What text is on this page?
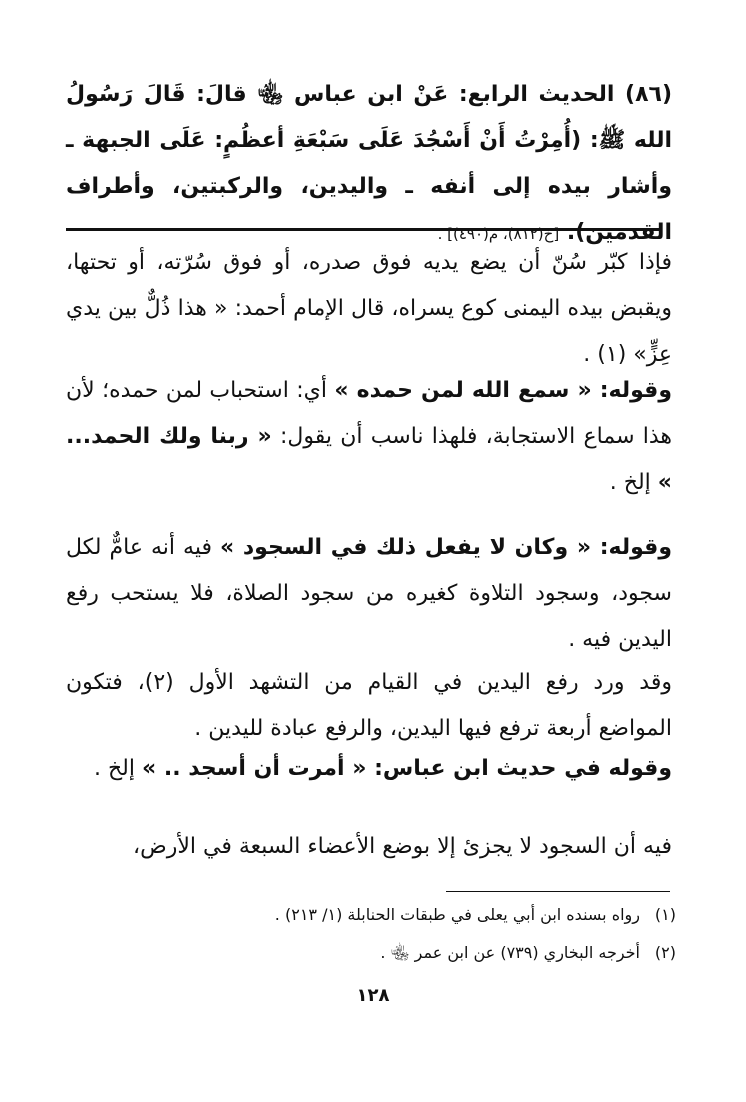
(٨٦) الحديث الرابع: عَنْ ابن عباس ﵄ قالَ: قَالَ رَسُولُ الله ﷺ: (أُمِرْتُ أَنْ أَسْجُدَ عَلَى سَبْعَةِ أعظُمٍ: عَلَى الجبهة ـ وأشار بيده إلى أنفه ـ واليدين، والركبتين، وأطراف القدمين). [خ(٨١٢)، م(٤٩٠)] .

فإذا كبّر سُنّ أن يضع يديه فوق صدره، أو فوق سُرّته، أو تحتها، ويقبض بيده اليمنى كوع يسراه، قال الإمام أحمد: « هذا ذُلٌّ بين يدي عِزٍّ» (١) .

وقوله: « سمع الله لمن حمده » أي: استحباب لمن حمده؛ لأن هذا سماع الاستجابة، فلهذا ناسب أن يقول: « ربنا ولك الحمد... » إلخ .

وقوله: « وكان لا يفعل ذلك في السجود » فيه أنه عامٌّ لكل سجود، وسجود التلاوة كغيره من سجود الصلاة، فلا يستحب رفع اليدين فيه .

وقد ورد رفع اليدين في القيام من التشهد الأول (٢)، فتكون المواضع أربعة ترفع فيها اليدين، والرفع عبادة لليدين .

وقوله في حديث ابن عباس: « أمرت أن أسجد .. » إلخ .

فيه أن السجود لا يجزئ إلا بوضع الأعضاء السبعة في الأرض،

(١)رواه بسنده ابن أبي يعلى في طبقات الحنابلة (١/ ٢١٣) .
(٢)أخرجه البخاري (٧٣٩) عن ابن عمر ﵄ .
١٢٨
